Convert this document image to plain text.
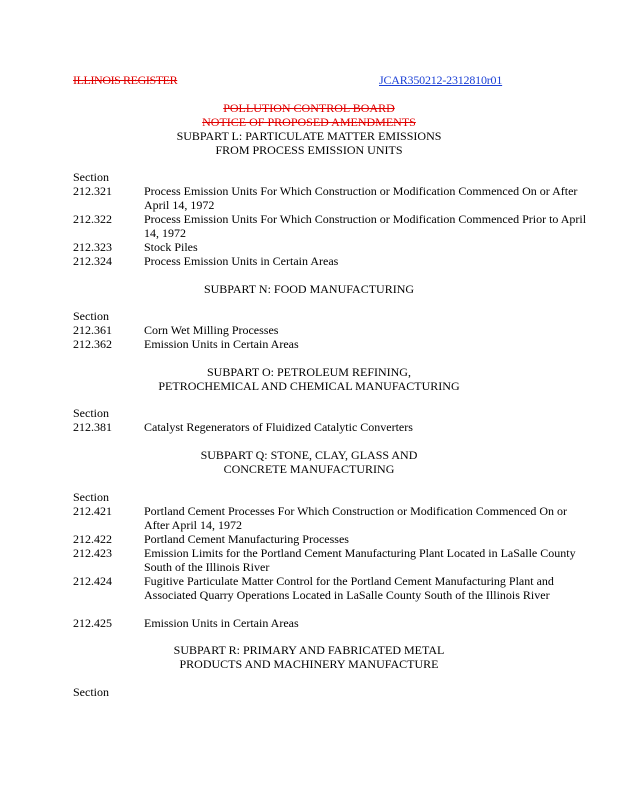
ILLINOIS REGISTER	JCAR350212-2312810r01
POLLUTION CONTROL BOARD
NOTICE OF PROPOSED AMENDMENTS
SUBPART L: PARTICULATE MATTER EMISSIONS
FROM PROCESS EMISSION UNITS
Section
212.321	Process Emission Units For Which Construction or Modification Commenced On or After April 14, 1972
212.322	Process Emission Units For Which Construction or Modification Commenced Prior to April 14, 1972
212.323	Stock Piles
212.324	Process Emission Units in Certain Areas
SUBPART N: FOOD MANUFACTURING
Section
212.361	Corn Wet Milling Processes
212.362	Emission Units in Certain Areas
SUBPART O: PETROLEUM REFINING,
PETROCHEMICAL AND CHEMICAL MANUFACTURING
Section
212.381	Catalyst Regenerators of Fluidized Catalytic Converters
SUBPART Q: STONE, CLAY, GLASS AND
CONCRETE MANUFACTURING
Section
212.421	Portland Cement Processes For Which Construction or Modification Commenced On or After April 14, 1972
212.422	Portland Cement Manufacturing Processes
212.423	Emission Limits for the Portland Cement Manufacturing Plant Located in LaSalle County South of the Illinois River
212.424	Fugitive Particulate Matter Control for the Portland Cement Manufacturing Plant and Associated Quarry Operations Located in LaSalle County South of the Illinois River
212.425	Emission Units in Certain Areas
SUBPART R: PRIMARY AND FABRICATED METAL
PRODUCTS AND MACHINERY MANUFACTURE
Section
